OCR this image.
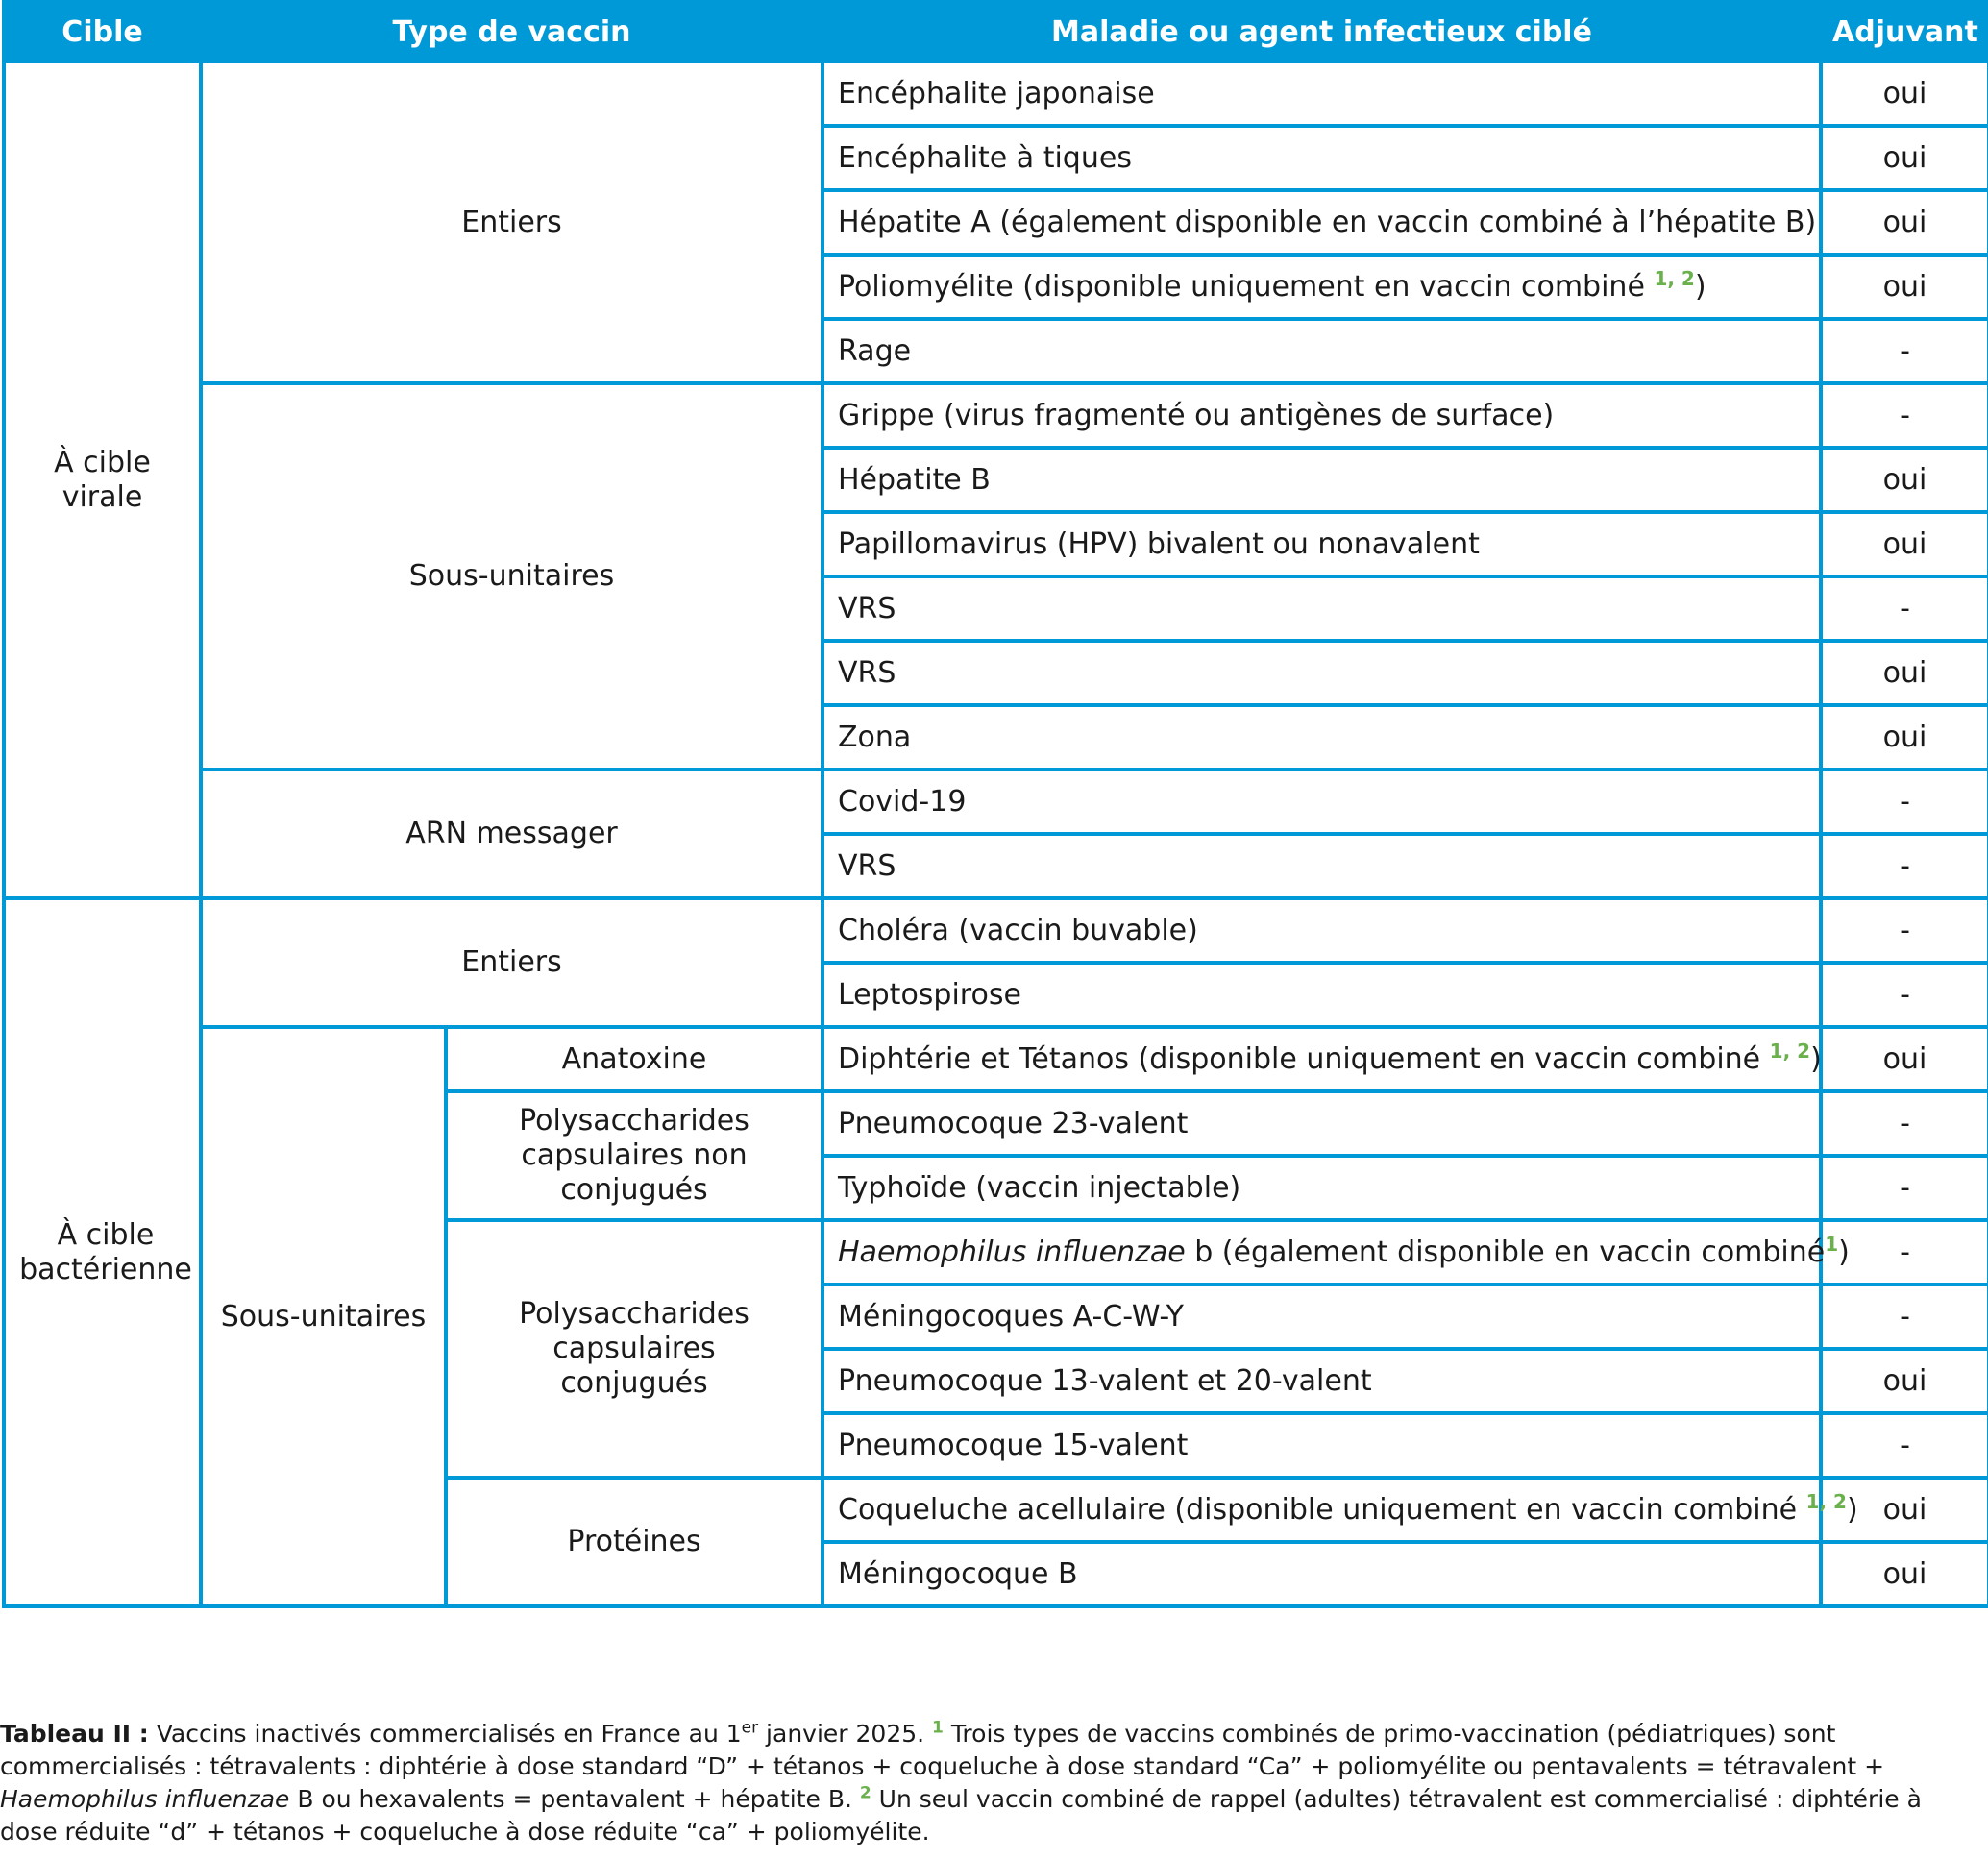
Cible	Type de vaccin		Maladie ou agent infectieux ciblé	Adjuvant
À cible virale	Entiers		Encéphalite japonaise	oui
			Encéphalite à tiques	oui
			Hépatite A (également disponible en vaccin combiné à l’hépatite B)	oui
			Poliomyélite (disponible uniquement en vaccin combiné $^{1, 2}$)	oui
			Rage	-
	Sous-unitaires		Grippe (virus fragmenté ou antigènes de surface)	-
			Hépatite B	oui
			Papillomavirus (HPV) bivalent ou nonavalent	oui
			VRS	-
			VRS	oui
			Zona	oui
	ARN messager		Covid-19	-
			VRS	-
À cible bactérienne	Entiers		Choléra (vaccin buvable)	-
			Leptospirose	-
	Sous-unitaires	Anatoxine	Diphtérie et Tétanos (disponible uniquement en vaccin combiné $^{1, 2}$)	oui
		Polysaccharides capsulaires non conjugués	Pneumocoque 23-valent	-
			Typhoïde (vaccin injectable)	-
		Polysaccharides capsulaires conjugués	Haemophilus influenzae b (également disponible en vaccin combiné$^1$)	-
			Méningocoques A-C-W-Y	-
			Pneumocoque 13-valent et 20-valent	oui
			Pneumocoque 15-valent	-
		Protéines	Coqueluche acellulaire (disponible uniquement en vaccin combiné $^{1, 2}$)	oui
			Méningocoque B	oui
Tableau II : Vaccins inactivés commercialisés en France au 1er janvier 2025. $^1$ Trois types de vaccins combinés de primo-vaccination (pédiatriques) sont commercialisés : tétravalents : diphtérie à dose standard “D” + tétanos + coqueluche à dose standard “Ca” + poliomyélite ou pentavalents = tétravalent + Haemophilus influenzae B ou hexavalents = pentavalent + hépatite B. $^2$ Un seul vaccin combiné de rappel (adultes) tétravalent est commercialisé : diphtérie à dose réduite “d” + tétanos + coqueluche à dose réduite “ca” + poliomyélite.
